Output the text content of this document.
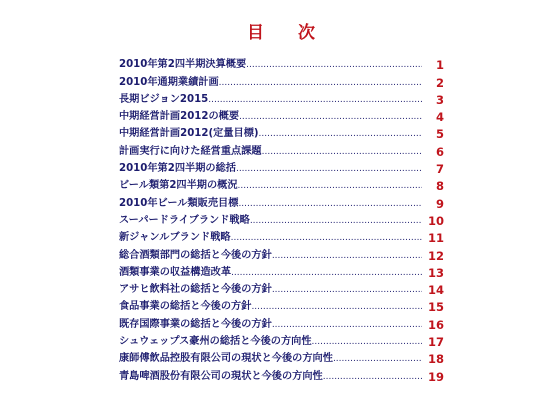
目 次
2010年第2四半期決算概要 .....	1
2010年通期業績計画 .....	2
長期ビジョン2015 .....	3
中期経営計画2012の概要 .....	4
中期経営計画2012(定量目標) .....	5
計画実行に向けた経営重点課題 .....	6
2010年第2四半期の総括 .....	7
ビール類第2四半期の概況 .....	8
2010年ビール類販売目標 .....	9
スーパードライブランド戦略 .....	10
新ジャンルブランド戦略 .....	11
総合酒類部門の総括と今後の方針 .....	12
酒類事業の収益構造改革 .....	13
アサヒ飲料社の総括と今後の方針 .....	14
食品事業の総括と今後の方針 .....	15
既存国際事業の総括と今後の方針 .....	16
シュウェップス豪州の総括と今後の方向性 .....	17
康師傅飲品控股有限公司の現状と今後の方向性 .....	18
青島啤酒股份有限公司の現状と今後の方向性 .....	19
